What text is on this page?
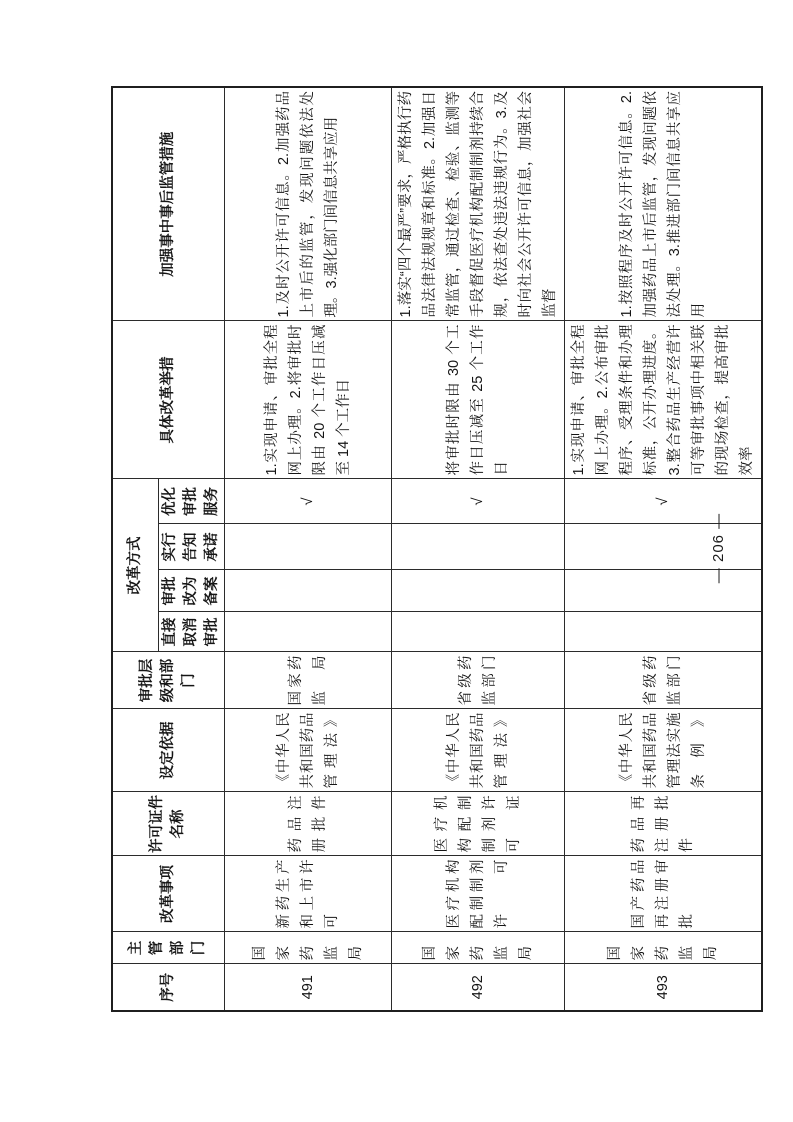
序号	主管部门	改革事项	许可证件名称	设定依据	审批层级和部门	改革方式				具体改革举措	加强事中事后监管措施
						直接取消审批	审批改为备案	实行告知承诺	优化审批服务		
491	国家药监局	新药生产和上市许可	药品注册批件	《中华人民共和国药品管理法》	国家药监局				√	1.实现申请、审批全程网上办理。2.将审批时限由 20 个工作日压减至 14 个工作日	1.及时公开许可信息。2.加强药品上市后的监管，发现问题依法处理。3.强化部门间信息共享应用
492	国家药监局	医疗机构配制制剂许可	医疗机构配制制剂许可证	《中华人民共和国药品管理法》	省级药监部门				√	将审批时限由 30 个工作日压减至 25 个工作日	1.落实“四个最严”要求，严格执行药品法律法规规章和标准。2.加强日常监管，通过检查、检验、监测等手段督促医疗机构配制制剂持续合规，依法查处违法违规行为。3.及时向社会公开许可信息，加强社会监督
493	国家药监局	国产药品再注册审批	药品再注册批件	《中华人民共和国药品管理法实施条例》	省级药监部门				√	1.实现申请、审批全程网上办理。2.公布审批程序、受理条件和办理标准，公开办理进度。3.整合药品生产经营许可等审批事项中相关联的现场检查，提高审批效率	1.按照程序及时公开许可信息。2.加强药品上市后监管，发现问题依法处理。3.推进部门间信息共享应用
— 206 —
